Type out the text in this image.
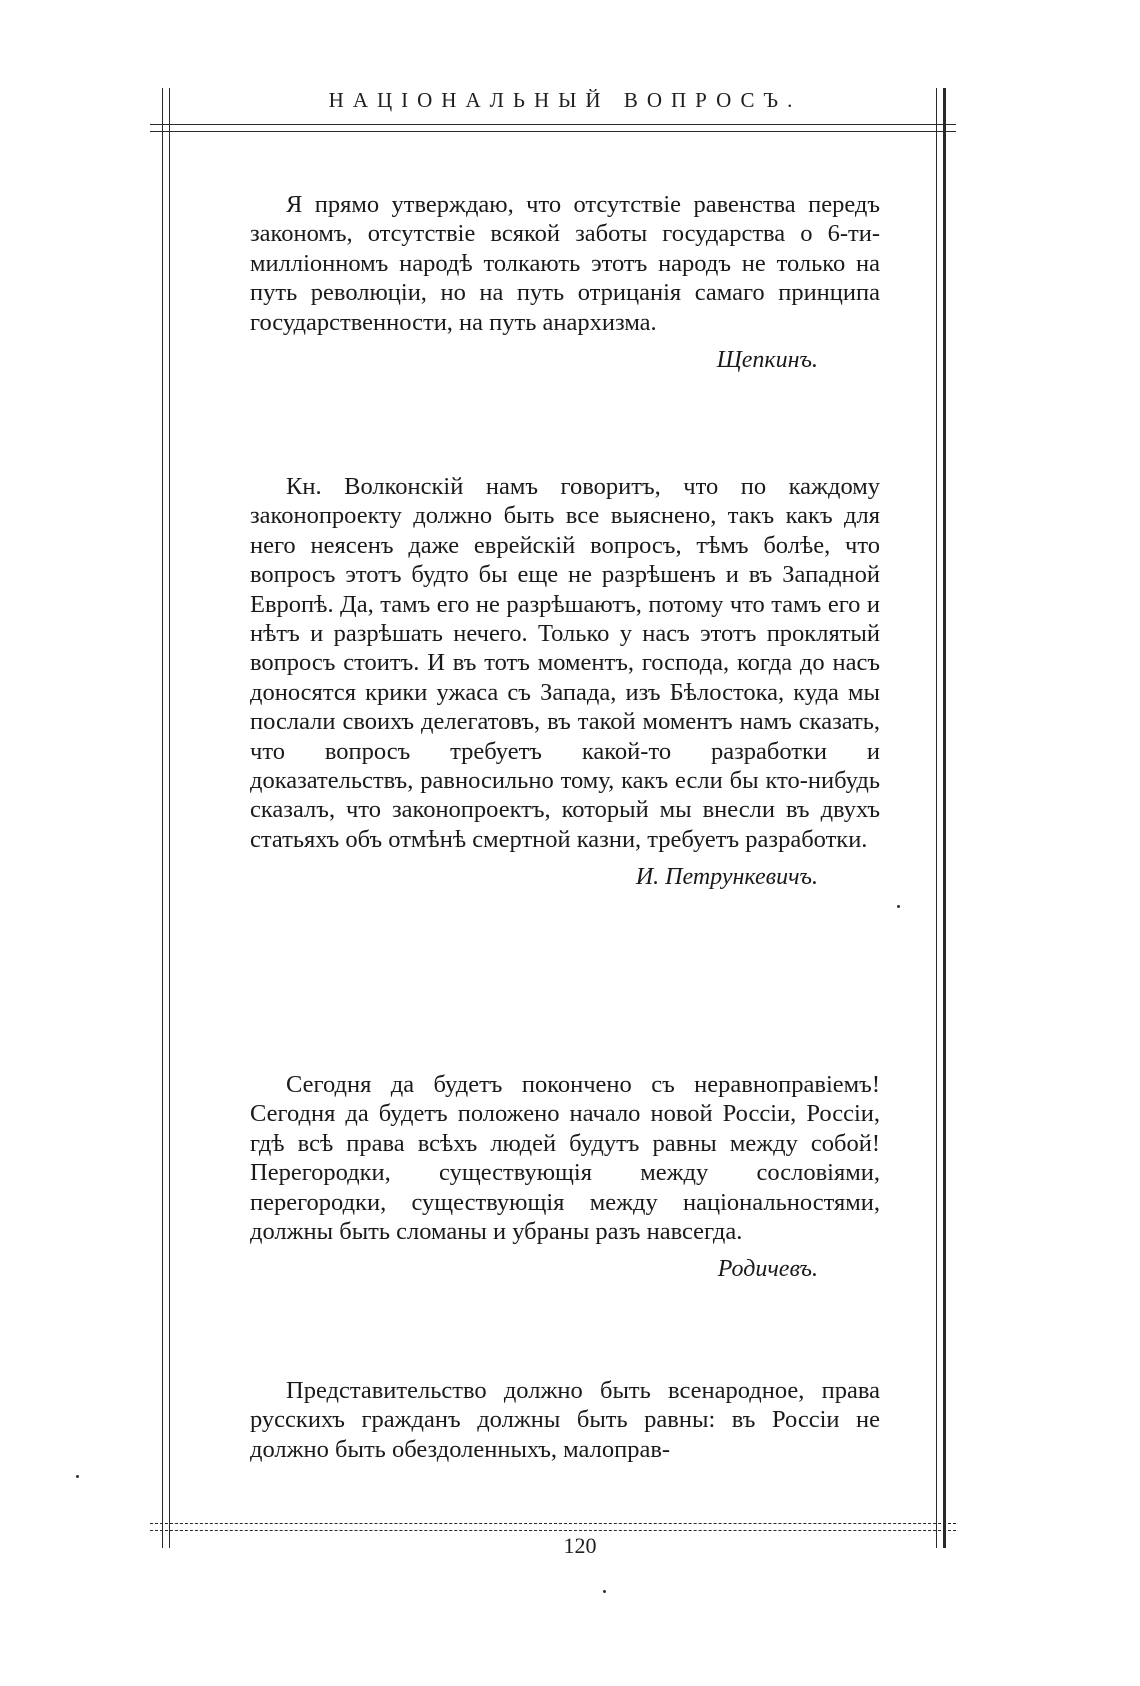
НАЦІОНАЛЬНЫЙ ВОПРОСЪ.

Я прямо утверждаю, что отсутствіе равенства передъ закономъ, отсутствіе всякой заботы государства о 6-ти-милліонномъ народѣ толкають этотъ народъ не только на путь революціи, но на путь отрицанія самаго принципа государственности, на путь анархизма.

Щепкинъ.

Кн. Волконскій намъ говоритъ, что по каждому законопроекту должно быть все выяснено, такъ какъ для него неясенъ даже еврейскій вопросъ, тѣмъ болѣе, что вопросъ этотъ будто бы еще не разрѣшенъ и въ Западной Европѣ. Да, тамъ его не разрѣшаютъ, потому что тамъ его и нѣтъ и разрѣшать нечего. Только у насъ этотъ проклятый вопросъ стоитъ. И въ тотъ моментъ, господа, когда до насъ доносятся крики ужаса съ Запада, изъ Бѣлостока, куда мы послали своихъ делегатовъ, въ такой моментъ намъ сказать, что вопросъ требуетъ какой-то разработки и доказательствъ, равносильно тому, какъ если бы кто-нибудь сказалъ, что законопроектъ, который мы внесли въ двухъ статьяхъ объ отмѣнѣ смертной казни, требуетъ разработки.

И. Петрункевичъ.

Сегодня да будетъ покончено съ неравноправіемъ! Сегодня да будетъ положено начало новой Россіи, Россіи, гдѣ всѣ права всѣхъ людей будутъ равны между собой! Перегородки, существующія между сословіями, перегородки, существующія между національностями, должны быть сломаны и убраны разъ навсегда.

Родичевъ.

Представительство должно быть всенародное, права русскихъ гражданъ должны быть равны: въ Россіи не должно быть обездоленныхъ, малоправ-

120
